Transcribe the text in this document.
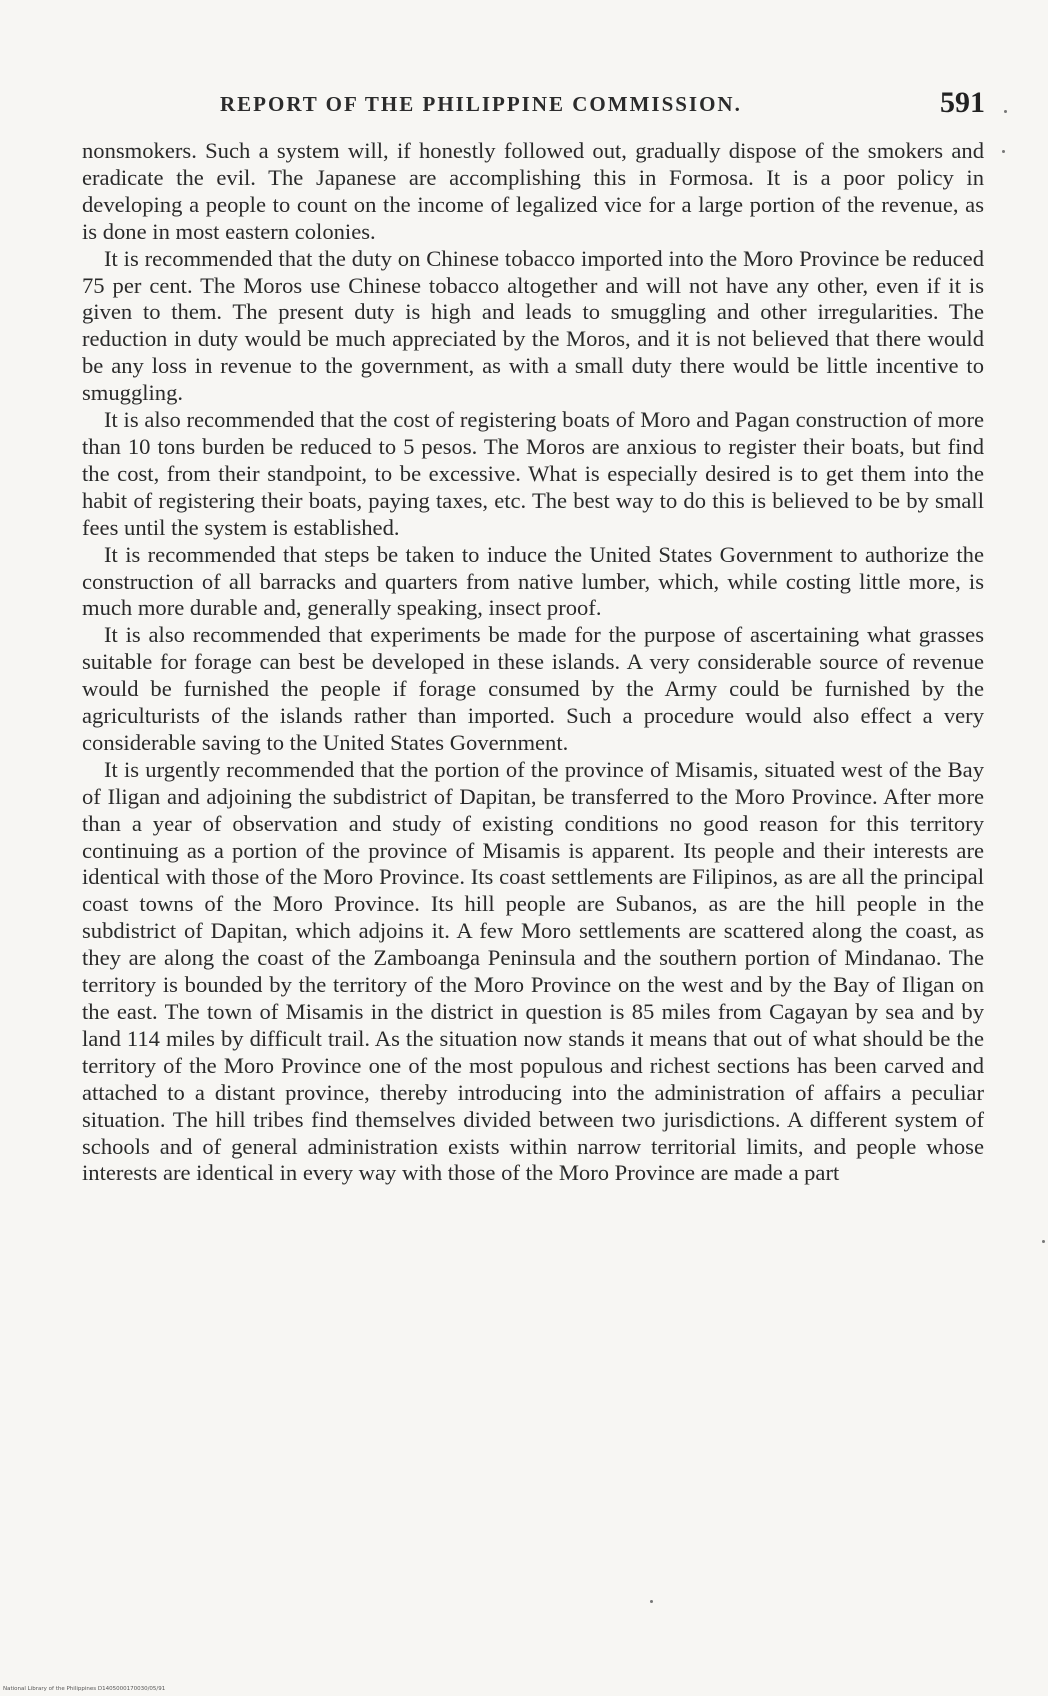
REPORT OF THE PHILIPPINE COMMISSION.	591

nonsmokers. Such a system will, if honestly followed out, gradually dispose of the smokers and eradicate the evil. The Japanese are accomplishing this in Formosa. It is a poor policy in developing a people to count on the income of legalized vice for a large portion of the revenue, as is done in most eastern colonies.

It is recommended that the duty on Chinese tobacco imported into the Moro Province be reduced 75 per cent. The Moros use Chinese tobacco altogether and will not have any other, even if it is given to them. The present duty is high and leads to smuggling and other irregularities. The reduction in duty would be much appreciated by the Moros, and it is not believed that there would be any loss in revenue to the government, as with a small duty there would be little incentive to smuggling.

It is also recommended that the cost of registering boats of Moro and Pagan construction of more than 10 tons burden be reduced to 5 pesos. The Moros are anxious to register their boats, but find the cost, from their standpoint, to be excessive. What is especially desired is to get them into the habit of registering their boats, paying taxes, etc. The best way to do this is believed to be by small fees until the system is established.

It is recommended that steps be taken to induce the United States Government to authorize the construction of all barracks and quarters from native lumber, which, while costing little more, is much more durable and, generally speaking, insect proof.

It is also recommended that experiments be made for the purpose of ascertaining what grasses suitable for forage can best be developed in these islands. A very considerable source of revenue would be furnished the people if forage consumed by the Army could be furnished by the agriculturists of the islands rather than imported. Such a procedure would also effect a very considerable saving to the United States Government.

It is urgently recommended that the portion of the province of Misamis, situated west of the Bay of Iligan and adjoining the subdistrict of Dapitan, be transferred to the Moro Province. After more than a year of observation and study of existing conditions no good reason for this territory continuing as a portion of the province of Misamis is apparent. Its people and their interests are identical with those of the Moro Province. Its coast settlements are Filipinos, as are all the principal coast towns of the Moro Province. Its hill people are Subanos, as are the hill people in the subdistrict of Dapitan, which adjoins it. A few Moro settlements are scattered along the coast, as they are along the coast of the Zamboanga Peninsula and the southern portion of Mindanao. The territory is bounded by the territory of the Moro Province on the west and by the Bay of Iligan on the east. The town of Misamis in the district in question is 85 miles from Cagayan by sea and by land 114 miles by difficult trail. As the situation now stands it means that out of what should be the territory of the Moro Province one of the most populous and richest sections has been carved and attached to a distant province, thereby introducing into the administration of affairs a peculiar situation. The hill tribes find themselves divided between two jurisdictions. A different system of schools and of general administration exists within narrow territorial limits, and people whose interests are identical in every way with those of the Moro Province are made a part

National Library of the Philippines D1405000170030/05/91
